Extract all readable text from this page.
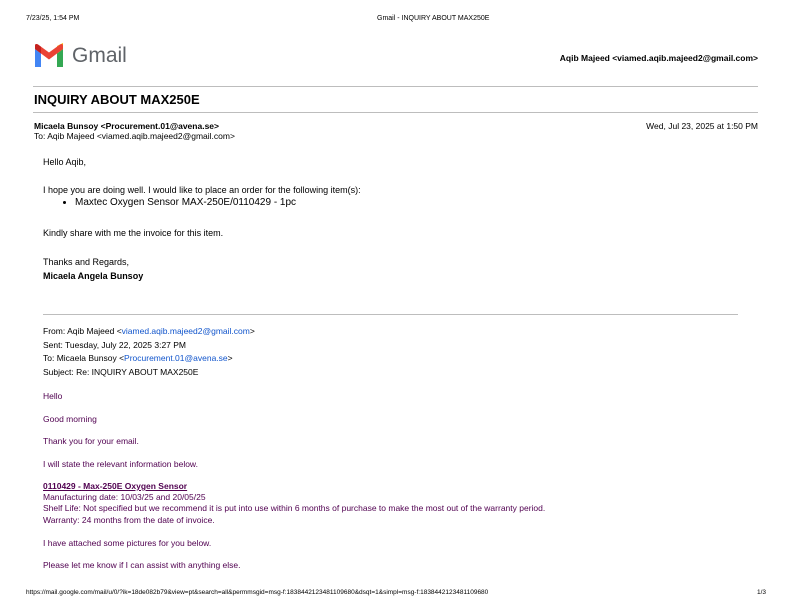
7/23/25, 1:54 PM	Gmail - INQUIRY ABOUT MAX250E
Gmail	Aqib Majeed <viamed.aqib.majeed2@gmail.com>
INQUIRY ABOUT MAX250E
Micaela Bunsoy <Procurement.01@avena.se>	Wed, Jul 23, 2025 at 1:50 PM
To: Aqib Majeed <viamed.aqib.majeed2@gmail.com>
Hello Aqib,
I hope you are doing well. I would like to place an order for the following item(s):
• Maxtec Oxygen Sensor MAX-250E/0110429 - 1pc
Kindly share with me the invoice for this item.
Thanks and Regards,
Micaela Angela Bunsoy
From: Aqib Majeed <viamed.aqib.majeed2@gmail.com>
Sent: Tuesday, July 22, 2025 3:27 PM
To: Micaela Bunsoy <Procurement.01@avena.se>
Subject: Re: INQUIRY ABOUT MAX250E
Hello
Good morning
Thank you for your email.
I will state the relevant information below.
0110429 - Max-250E Oxygen Sensor
Manufacturing date: 10/03/25 and 20/05/25
Shelf Life: Not specified but we recommend it is put into use within 6 months of purchase to make the most out of the warranty period.
Warranty: 24 months from the date of invoice.
I have attached some pictures for you below.
Please let me know if I can assist with anything else.
https://mail.google.com/mail/u/0/?ik=18de082b79&view=pt&search=all&permmsgid=msg-f:1838442123481109680&dsqt=1&simpl=msg-f:1838442123481109680	1/3
